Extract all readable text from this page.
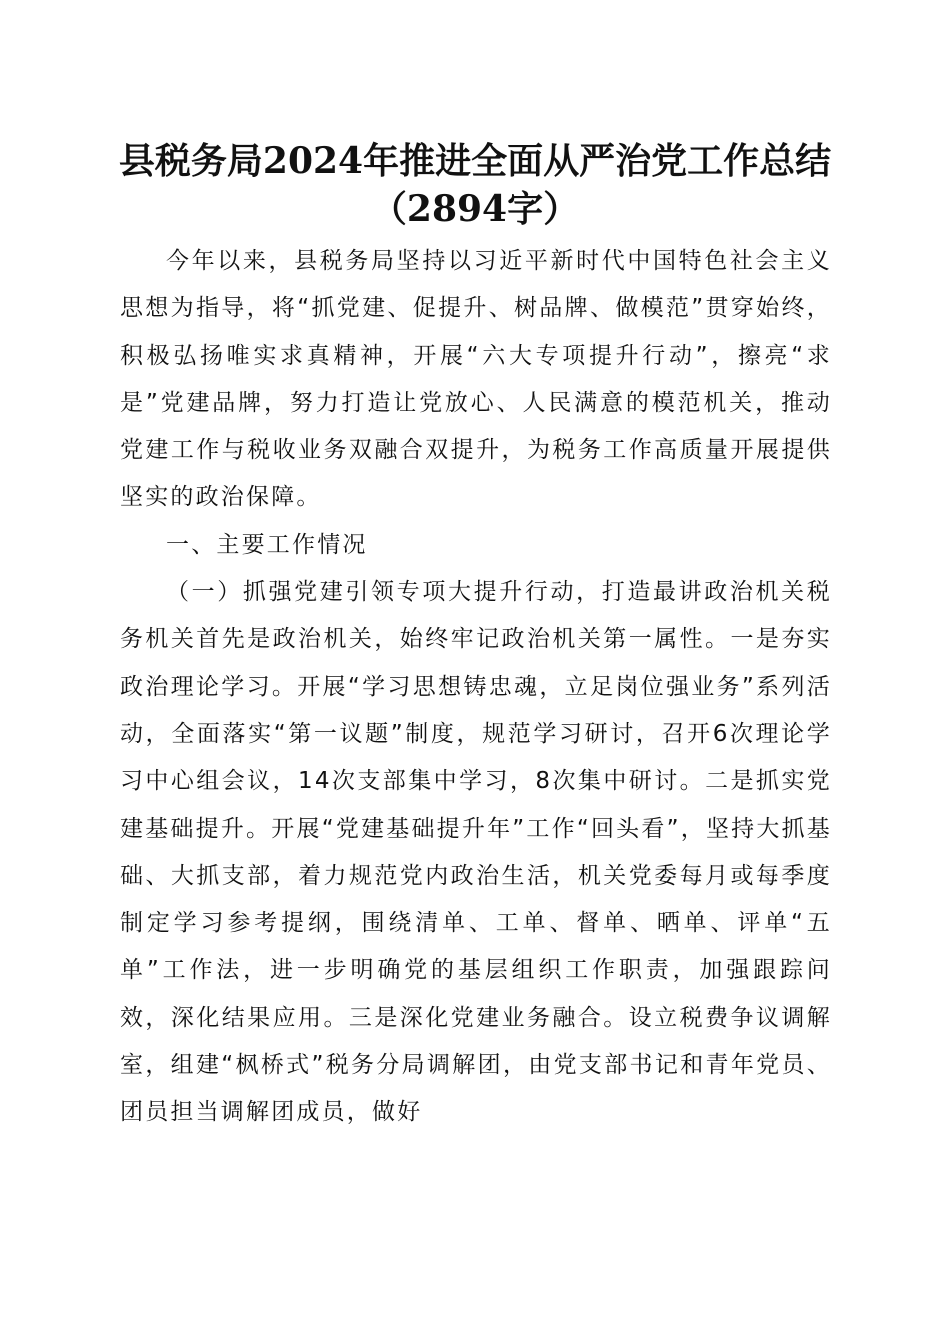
县税务局2024年推进全面从严治党工作总结
（2894字）

今年以来，县税务局坚持以习近平新时代中国特色社会主义思想为指导，将“抓党建、促提升、树品牌、做模范”贯穿始终，积极弘扬唯实求真精神，开展“六大专项提升行动”，擦亮“求是”党建品牌，努力打造让党放心、人民满意的模范机关，推动党建工作与税收业务双融合双提升，为税务工作高质量开展提供坚实的政治保障。

一、主要工作情况

（一）抓强党建引领专项大提升行动，打造最讲政治机关税务机关首先是政治机关，始终牢记政治机关第一属性。一是夯实政治理论学习。开展“学习思想铸忠魂，立足岗位强业务”系列活动，全面落实“第一议题”制度，规范学习研讨，召开6次理论学习中心组会议，14次支部集中学习，8次集中研讨。二是抓实党建基础提升。开展“党建基础提升年”工作“回头看”，坚持大抓基础、大抓支部，着力规范党内政治生活，机关党委每月或每季度制定学习参考提纲，围绕清单、工单、督单、晒单、评单“五单”工作法，进一步明确党的基层组织工作职责，加强跟踪问效，深化结果应用。三是深化党建业务融合。设立税费争议调解室，组建“枫桥式”税务分局调解团，由党支部书记和青年党员、团员担当调解团成员，做好
